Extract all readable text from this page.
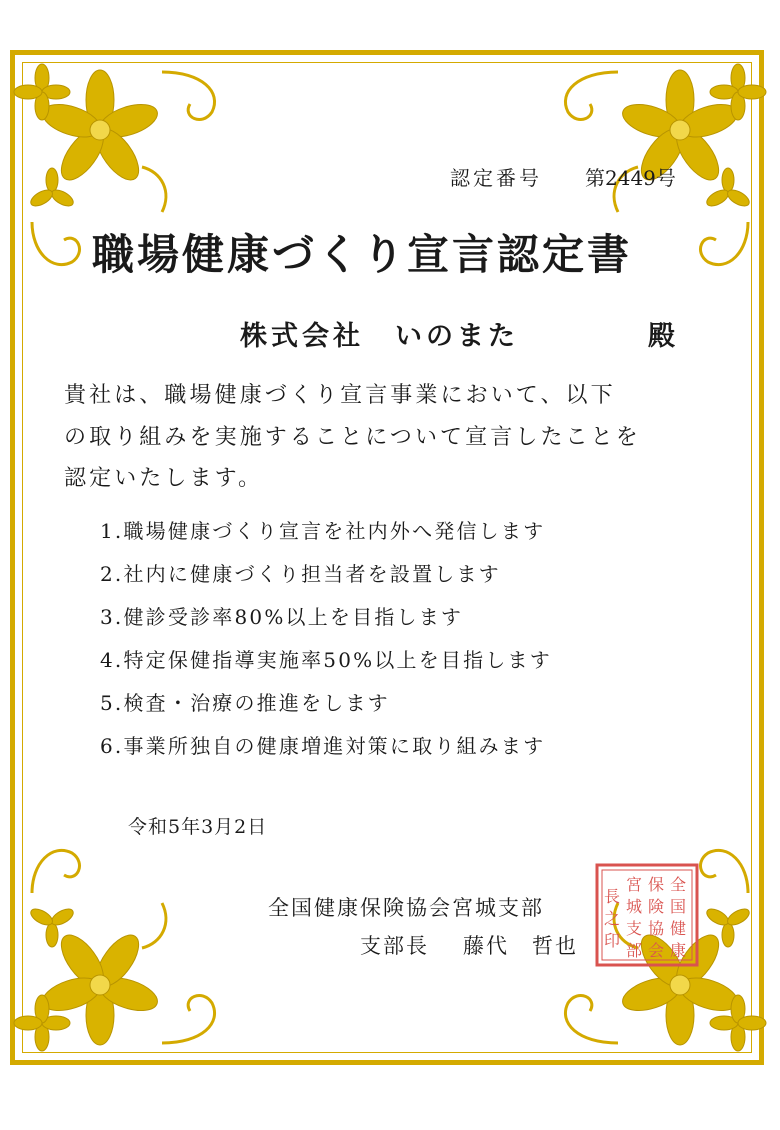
認定番号 第2449号
職場健康づくり宣言認定書
株式会社　いのまた	殿
貴社は、職場健康づくり宣言事業において、以下
の取り組みを実施することについて宣言したことを
認定いたします。
1.職場健康づくり宣言を社内外へ発信します
2.社内に健康づくり担当者を設置します
3.健診受診率80%以上を目指します
4.特定保健指導実施率50%以上を目指します
5.検査・治療の推進をします
6.事業所独自の健康増進対策に取り組みます
令和5年3月2日
全国健康保険協会宮城支部
支部長 藤代　哲也
全
国
健
康
保
険
協
会
宮
城
支
部
長
之
印
